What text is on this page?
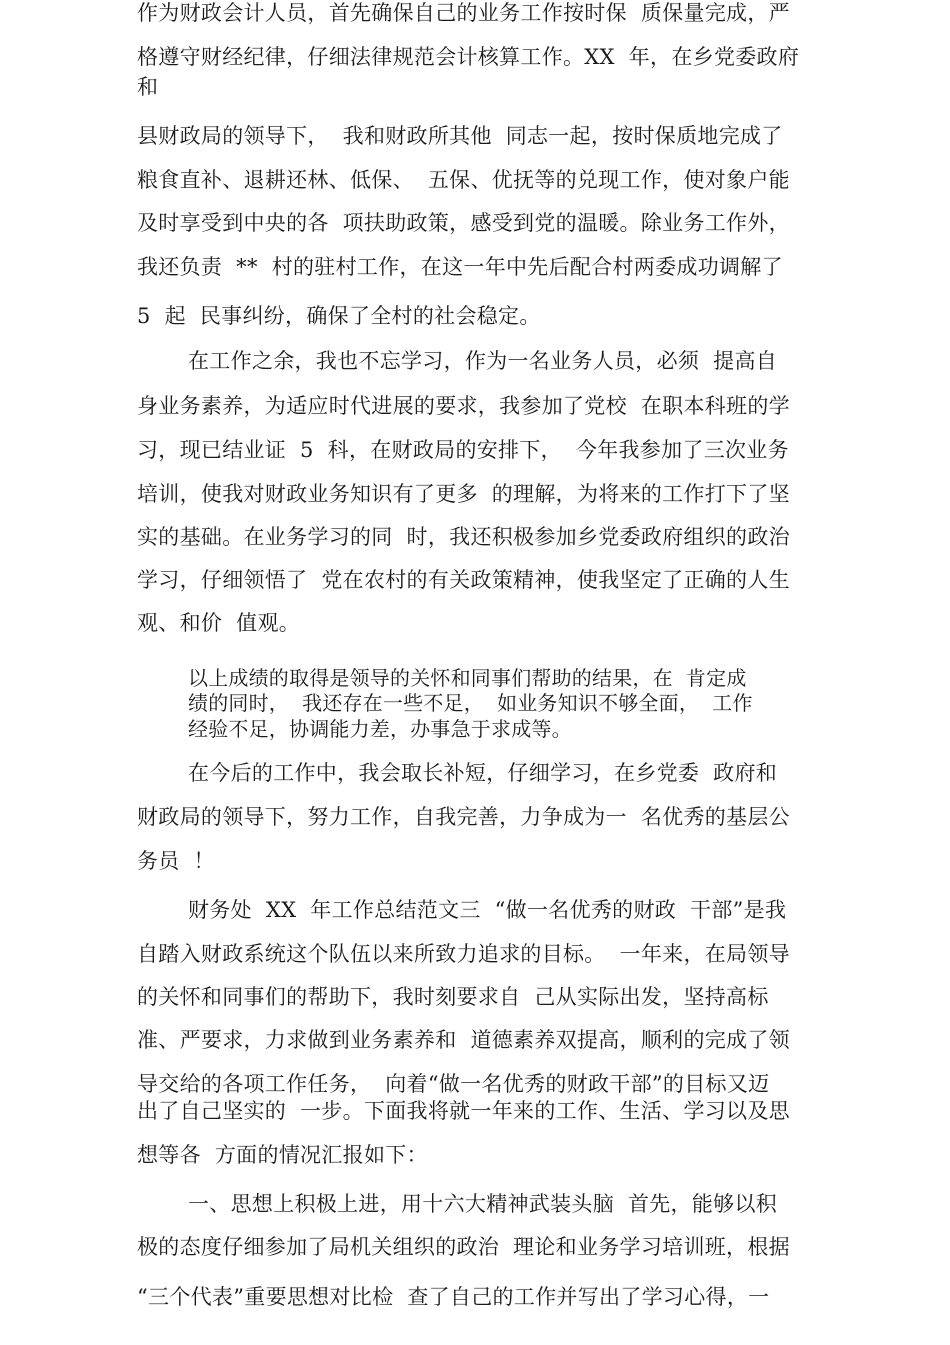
作为财政会计人员，首先确保自己的业务工作按时保  质保量完成，严
格遵守财经纪律，仔细法律规范会计核算工作。XX  年，在乡党委政府
和
县财政局的领导下，  我和财政所其他  同志一起，按时保质地完成了
粮食直补、退耕还林、低保、  五保、优抚等的兑现工作，使对象户能
及时享受到中央的各  项扶助政策，感受到党的温暖。除业务工作外，
我还负责  **  村的驻村工作，在这一年中先后配合村两委成功调解了
5  起  民事纠纷，确保了全村的社会稳定。
在工作之余，我也不忘学习，作为一名业务人员，必须  提高自
身业务素养，为适应时代进展的要求，我参加了党校  在职本科班的学
习，现已结业证  5  科，在财政局的安排下，  今年我参加了三次业务
培训，使我对财政业务知识有了更多  的理解，为将来的工作打下了坚
实的基础。在业务学习的同  时，我还积极参加乡党委政府组织的政治
学习，仔细领悟了  党在农村的有关政策精神，使我坚定了正确的人生
观、和价  值观。
以上成绩的取得是领导的关怀和同事们帮助的结果，在  肯定成
绩的同时，  我还存在一些不足，  如业务知识不够全面，  工作
经验不足，协调能力差，办事急于求成等。
在今后的工作中，我会取长补短，仔细学习，在乡党委  政府和
财政局的领导下，努力工作，自我完善，力争成为一  名优秀的基层公
务员  ！
财务处  XX  年工作总结范文三  “做一名优秀的财政  干部”是我
自踏入财政系统这个队伍以来所致力追求的目标。  一年来，在局领导
的关怀和同事们的帮助下，我时刻要求自  己从实际出发，坚持高标
准、严要求，力求做到业务素养和  道德素养双提高，顺利的完成了领
导交给的各项工作任务，  向着“做一名优秀的财政干部”的目标又迈
出了自己坚实的  一步。下面我将就一年来的工作、生活、学习以及思
想等各  方面的情况汇报如下：
一、思想上积极上进，用十六大精神武装头脑  首先，能够以积
极的态度仔细参加了局机关组织的政治  理论和业务学习培训班，根据
“三个代表”重要思想对比检  查了自己的工作并写出了学习心得，一
